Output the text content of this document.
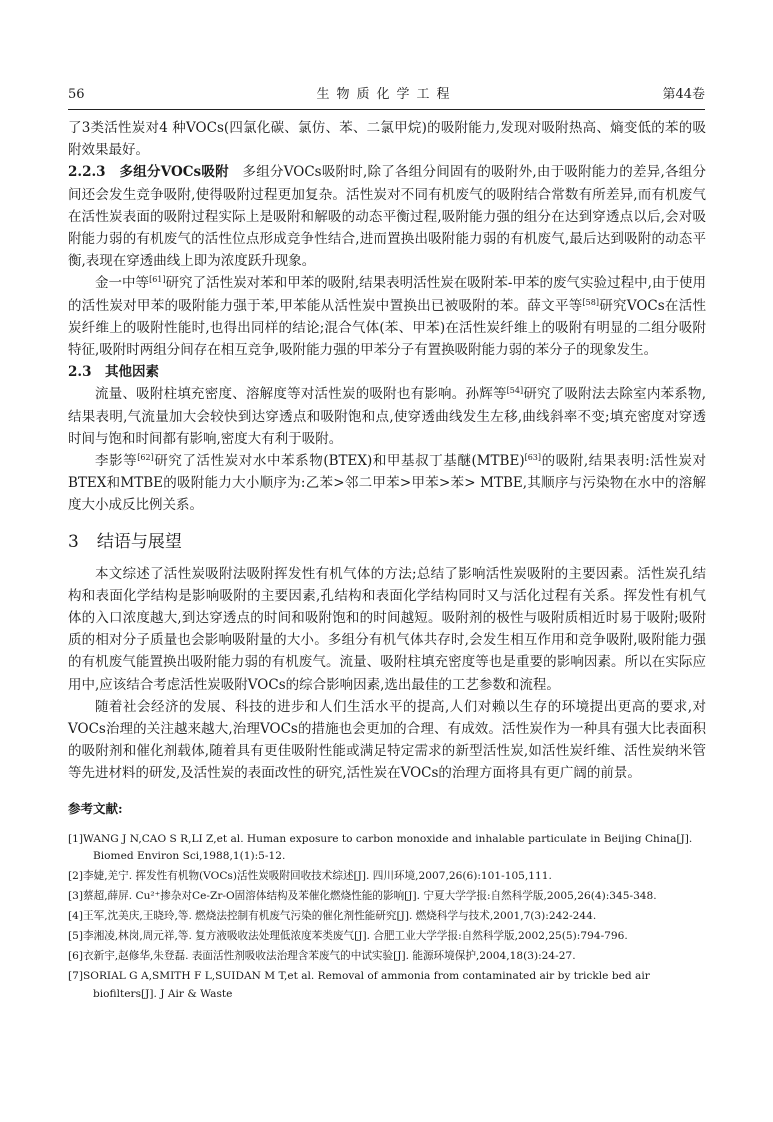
56	生物质化学工程	第44卷

了3类活性炭对4 种VOCs(四氯化碳、氯仿、苯、二氯甲烷)的吸附能力,发现对吸附热高、熵变低的苯的吸附效果最好。

2.2.3　多组分VOCs吸附　多组分VOCs吸附时,除了各组分间固有的吸附外,由于吸附能力的差异,各组分间还会发生竞争吸附,使得吸附过程更加复杂。活性炭对不同有机废气的吸附结合常数有所差异,而有机废气在活性炭表面的吸附过程实际上是吸附和解吸的动态平衡过程,吸附能力强的组分在达到穿透点以后,会对吸附能力弱的有机废气的活性位点形成竞争性结合,进而置换出吸附能力弱的有机废气,最后达到吸附的动态平衡,表现在穿透曲线上即为浓度跃升现象。

金一中等[61]研究了活性炭对苯和甲苯的吸附,结果表明活性炭在吸附苯-甲苯的废气实验过程中,由于使用的活性炭对甲苯的吸附能力强于苯,甲苯能从活性炭中置换出已被吸附的苯。薛文平等[58]研究VOCs在活性炭纤维上的吸附性能时,也得出同样的结论;混合气体(苯、甲苯)在活性炭纤维上的吸附有明显的二组分吸附特征,吸附时两组分间存在相互竞争,吸附能力强的甲苯分子有置换吸附能力弱的苯分子的现象发生。

2.3　其他因素

流量、吸附柱填充密度、溶解度等对活性炭的吸附也有影响。孙辉等[54]研究了吸附法去除室内苯系物,结果表明,气流量加大会较快到达穿透点和吸附饱和点,使穿透曲线发生左移,曲线斜率不变;填充密度对穿透时间与饱和时间都有影响,密度大有利于吸附。

李影等[62]研究了活性炭对水中苯系物(BTEX)和甲基叔丁基醚(MTBE)[63]的吸附,结果表明:活性炭对BTEX和MTBE的吸附能力大小顺序为:乙苯>邻二甲苯>甲苯>苯> MTBE,其顺序与污染物在水中的溶解度大小成反比例关系。

3 结语与展望

本文综述了活性炭吸附法吸附挥发性有机气体的方法;总结了影响活性炭吸附的主要因素。活性炭孔结构和表面化学结构是影响吸附的主要因素,孔结构和表面化学结构同时又与活化过程有关系。挥发性有机气体的入口浓度越大,到达穿透点的时间和吸附饱和的时间越短。吸附剂的极性与吸附质相近时易于吸附;吸附质的相对分子质量也会影响吸附量的大小。多组分有机气体共存时,会发生相互作用和竞争吸附,吸附能力强的有机废气能置换出吸附能力弱的有机废气。流量、吸附柱填充密度等也是重要的影响因素。所以在实际应用中,应该结合考虑活性炭吸附VOCs的综合影响因素,选出最佳的工艺参数和流程。

随着社会经济的发展、科技的进步和人们生活水平的提高,人们对赖以生存的环境提出更高的要求,对VOCs治理的关注越来越大,治理VOCs的措施也会更加的合理、有成效。活性炭作为一种具有强大比表面积的吸附剂和催化剂载体,随着具有更佳吸附性能或满足特定需求的新型活性炭,如活性炭纤维、活性炭纳米管等先进材料的研发,及活性炭的表面改性的研究,活性炭在VOCs的治理方面将具有更广阔的前景。

参考文献:

[1]WANG J N,CAO S R,LI Z,et al. Human exposure to carbon monoxide and inhalable particulate in Beijing China[J]. Biomed Environ Sci,1988,1(1):5-12.

[2]李婕,羌宁. 挥发性有机物(VOCs)活性炭吸附回收技术综述[J]. 四川环境,2007,26(6):101-105,111.

[3]蔡超,薛屏. Cu²⁺掺杂对Ce-Zr-O固溶体结构及苯催化燃烧性能的影响[J]. 宁夏大学学报:自然科学版,2005,26(4):345-348.

[4]王军,沈美庆,王晓玲,等. 燃烧法控制有机废气污染的催化剂性能研究[J]. 燃烧科学与技术,2001,7(3):242-244.

[5]李湘凌,林岗,周元祥,等. 复方液吸收法处理低浓度苯类废气[J]. 合肥工业大学学报:自然科学版,2002,25(5):794-796.

[6]衣新宇,赵修华,朱登磊. 表面活性剂吸收法治理含苯废气的中试实验[J]. 能源环境保护,2004,18(3):24-27.

[7]SORIAL G A,SMITH F L,SUIDAN M T,et al. Removal of ammonia from contaminated air by trickle bed air biofilters[J]. J Air & Waste
